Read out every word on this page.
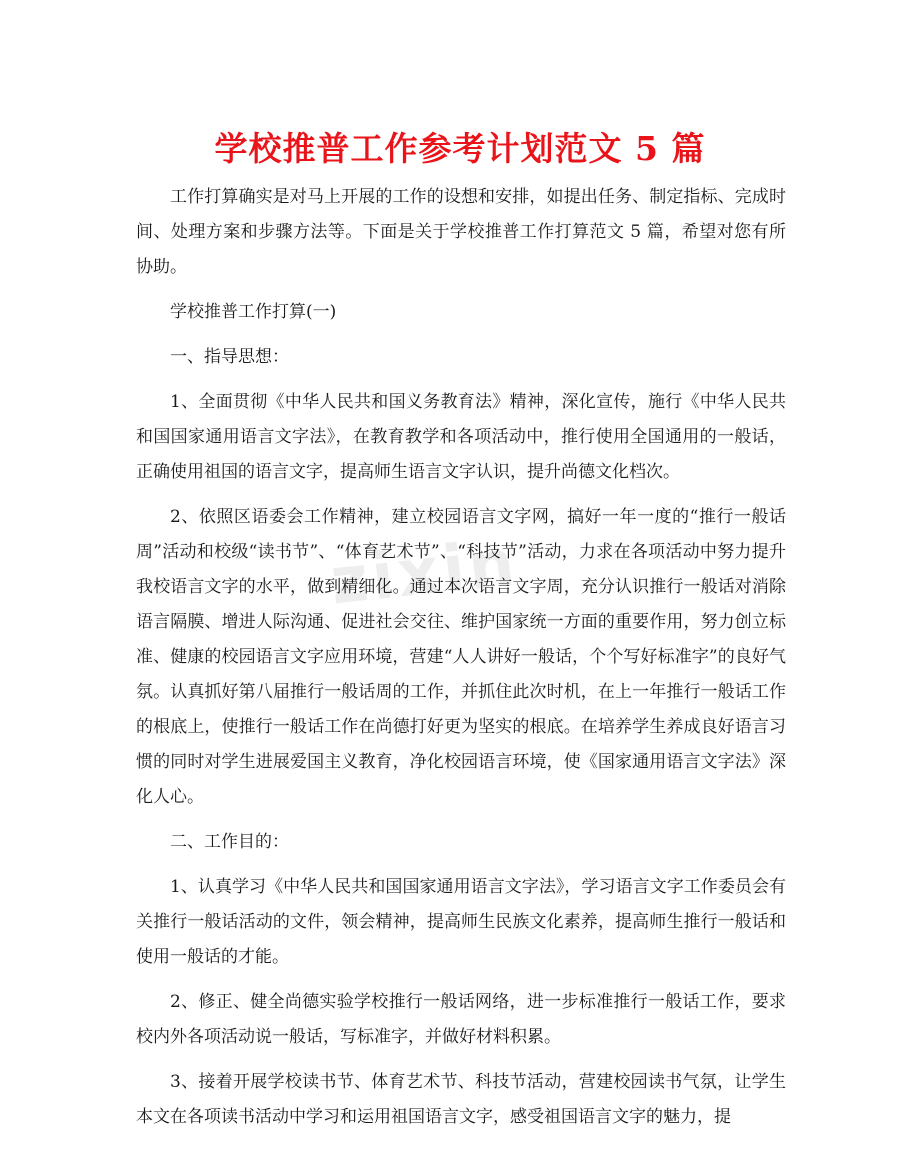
学校推普工作参考计划范文 5 篇
zixin

工作打算确实是对马上开展的工作的设想和安排，如提出任务、制定指标、完成时间、处理方案和步骤方法等。下面是关于学校推普工作打算范文 5 篇，希望对您有所协助。

学校推普工作打算(一)

一、指导思想：

1、全面贯彻《中华人民共和国义务教育法》精神，深化宣传，施行《中华人民共和国国家通用语言文字法》，在教育教学和各项活动中，推行使用全国通用的一般话，正确使用祖国的语言文字，提高师生语言文字认识，提升尚德文化档次。

2、依照区语委会工作精神，建立校园语言文字网，搞好一年一度的“推行一般话周”活动和校级“读书节”、“体育艺术节”、“科技节”活动，力求在各项活动中努力提升我校语言文字的水平，做到精细化。通过本次语言文字周，充分认识推行一般话对消除语言隔膜、增进人际沟通、促进社会交往、维护国家统一方面的重要作用，努力创立标准、健康的校园语言文字应用环境，营建“人人讲好一般话，个个写好标准字”的良好气氛。认真抓好第八届推行一般话周的工作，并抓住此次时机，在上一年推行一般话工作的根底上，使推行一般话工作在尚德打好更为坚实的根底。在培养学生养成良好语言习惯的同时对学生进展爱国主义教育，净化校园语言环境，使《国家通用语言文字法》深化人心。

二、工作目的：

1、认真学习《中华人民共和国国家通用语言文字法》，学习语言文字工作委员会有关推行一般话活动的文件，领会精神，提高师生民族文化素养，提高师生推行一般话和使用一般话的才能。

2、修正、健全尚德实验学校推行一般话网络，进一步标准推行一般话工作，要求校内外各项活动说一般话，写标准字，并做好材料积累。

3、接着开展学校读书节、体育艺术节、科技节活动，营建校园读书气氛，让学生本文在各项读书活动中学习和运用祖国语言文字，感受祖国语言文字的魅力，提
